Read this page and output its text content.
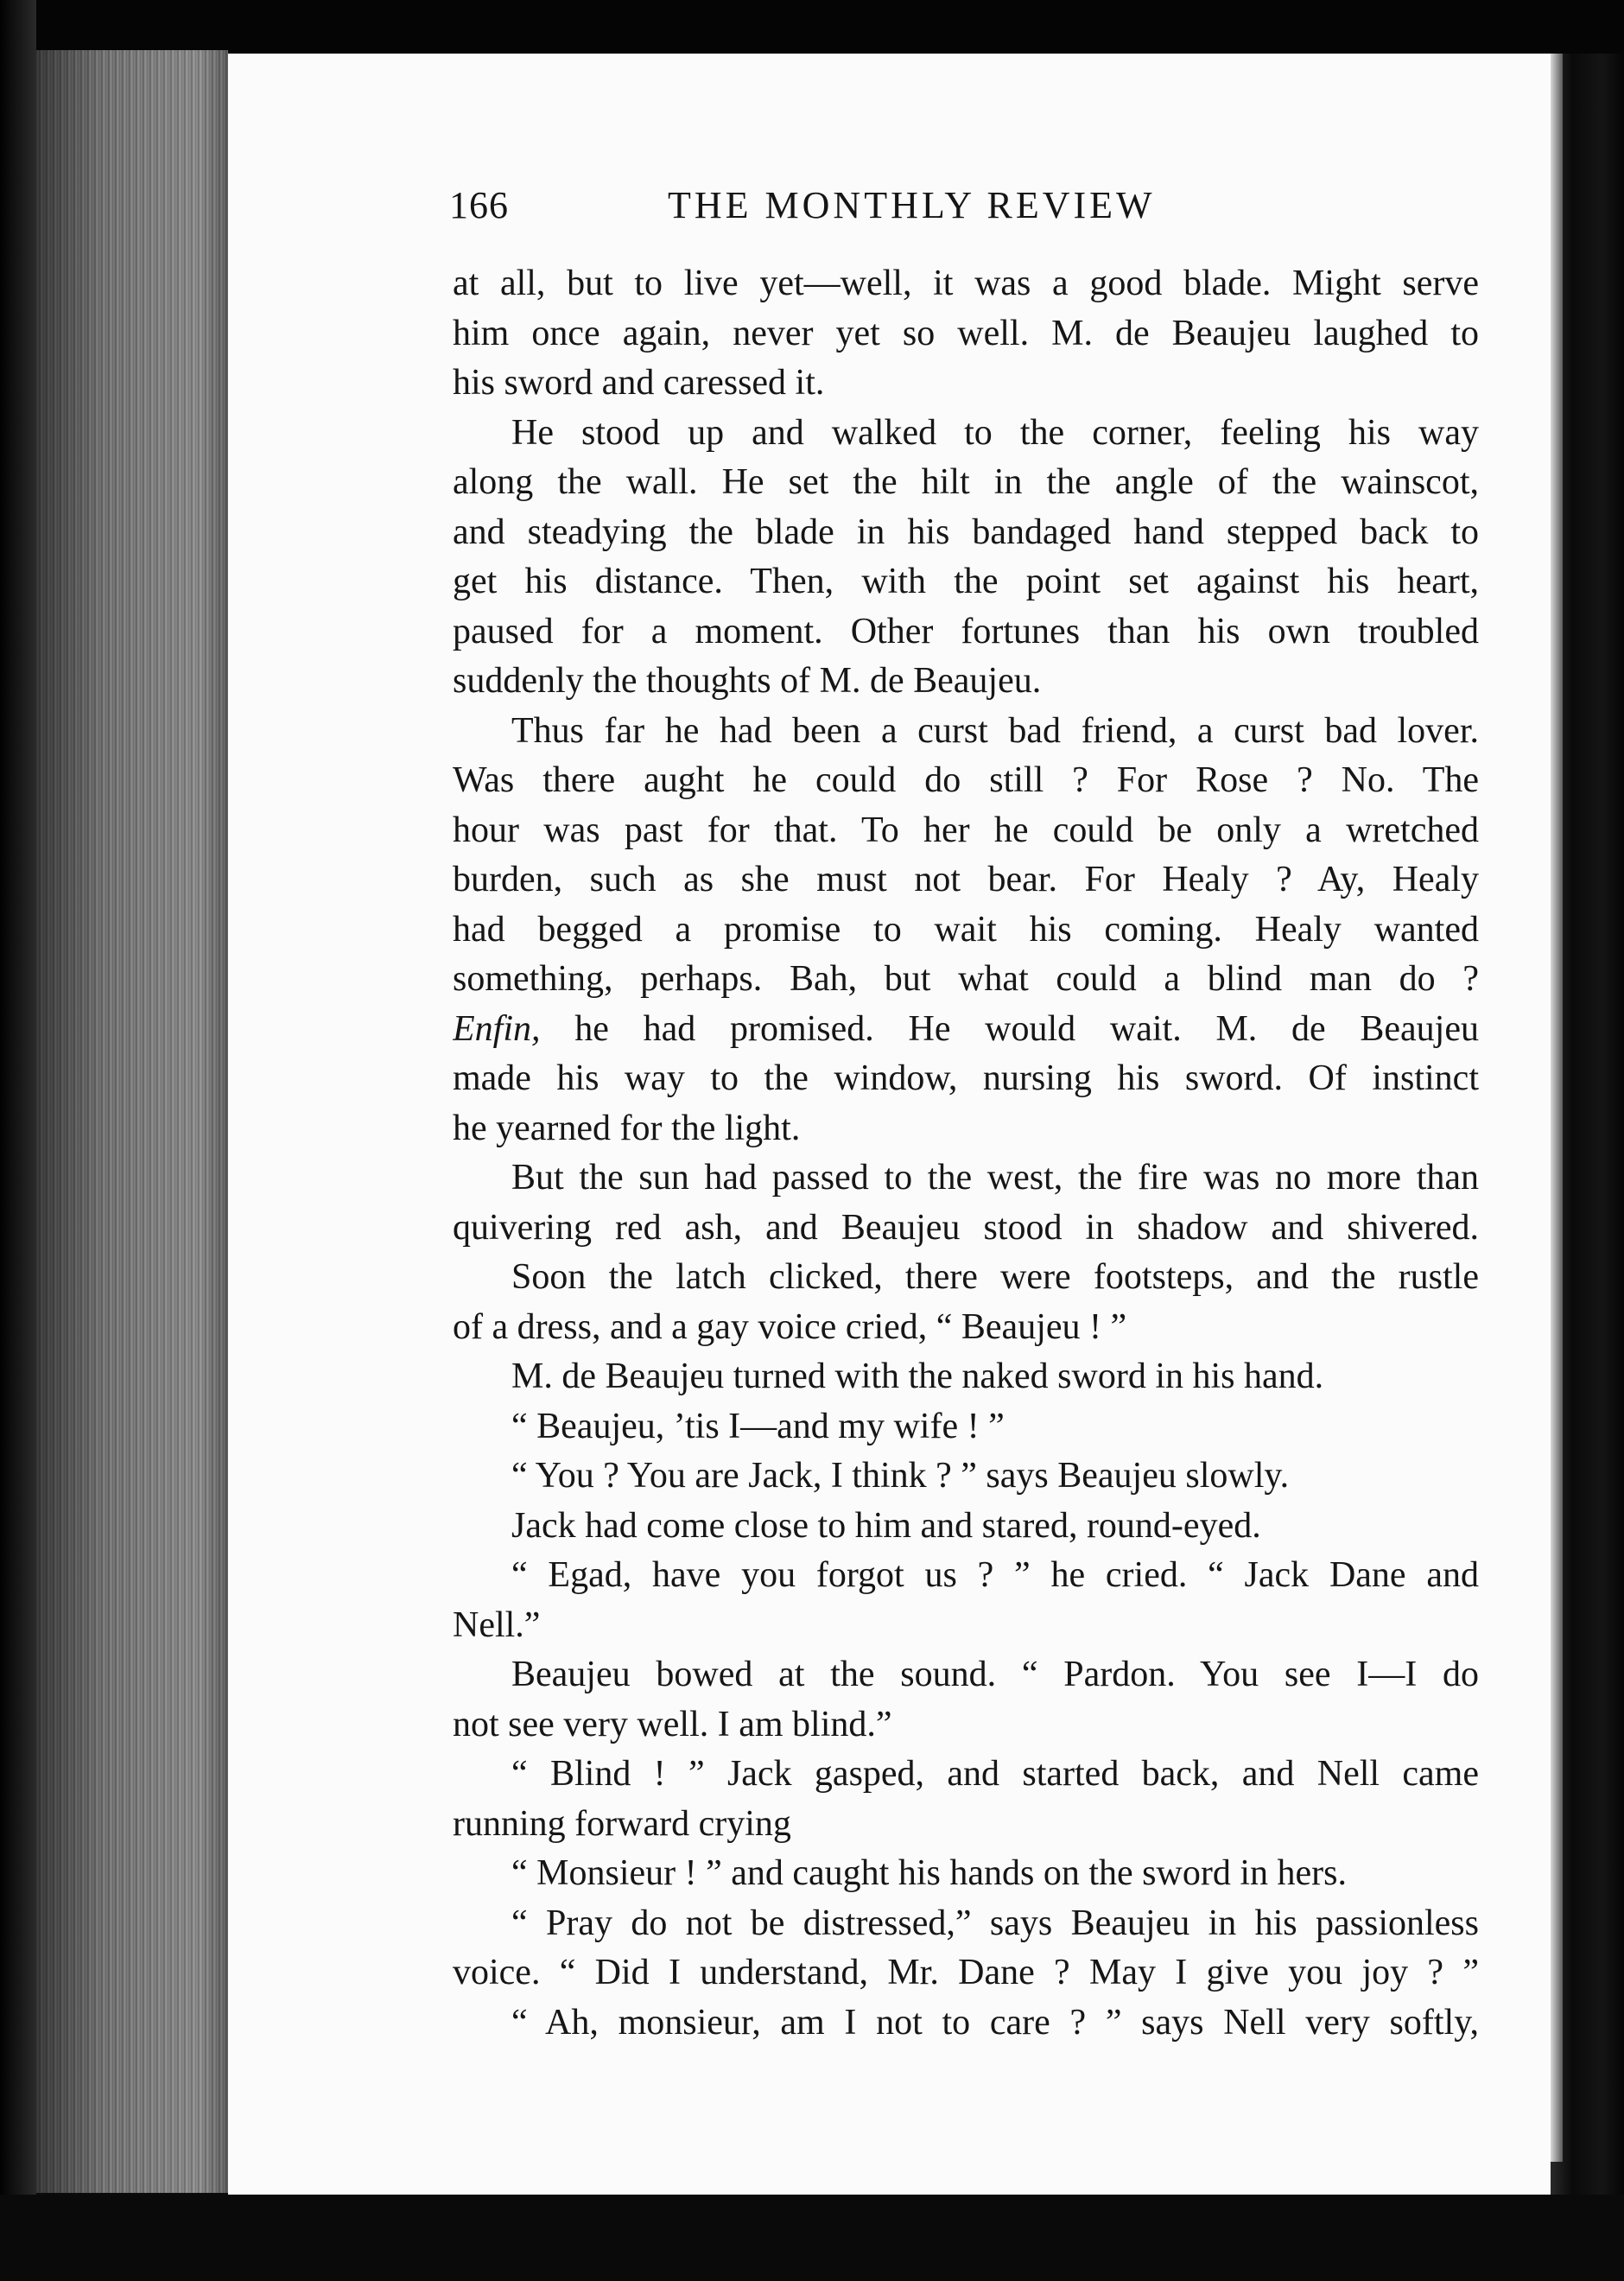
166	THE MONTHLY REVIEW
at all, but to live yet—well, it was a good blade. Might serve
him once again, never yet so well. M. de Beaujeu laughed to
his sword and caressed it.
He stood up and walked to the corner, feeling his way
along the wall. He set the hilt in the angle of the wainscot,
and steadying the blade in his bandaged hand stepped back to
get his distance. Then, with the point set against his heart,
paused for a moment. Other fortunes than his own troubled
suddenly the thoughts of M. de Beaujeu.
Thus far he had been a curst bad friend, a curst bad lover.
Was there aught he could do still ? For Rose ? No. The
hour was past for that. To her he could be only a wretched
burden, such as she must not bear. For Healy ? Ay, Healy
had begged a promise to wait his coming. Healy wanted
something, perhaps. Bah, but what could a blind man do ?
Enfin, he had promised. He would wait. M. de Beaujeu
made his way to the window, nursing his sword. Of instinct
he yearned for the light.
But the sun had passed to the west, the fire was no more than
quivering red ash, and Beaujeu stood in shadow and shivered.
Soon the latch clicked, there were footsteps, and the rustle
of a dress, and a gay voice cried, “ Beaujeu ! ”
M. de Beaujeu turned with the naked sword in his hand.
“ Beaujeu, ’tis I—and my wife ! ”
“ You ? You are Jack, I think ? ” says Beaujeu slowly.
Jack had come close to him and stared, round-eyed.
“ Egad, have you forgot us ? ” he cried. “ Jack Dane and
Nell.”
Beaujeu bowed at the sound. “ Pardon. You see I—I do
not see very well. I am blind.”
“ Blind ! ” Jack gasped, and started back, and Nell came
running forward crying
“ Monsieur ! ” and caught his hands on the sword in hers.
“ Pray do not be distressed,” says Beaujeu in his passionless
voice. “ Did I understand, Mr. Dane ? May I give you joy ? ”
“ Ah, monsieur, am I not to care ? ” says Nell very softly,
